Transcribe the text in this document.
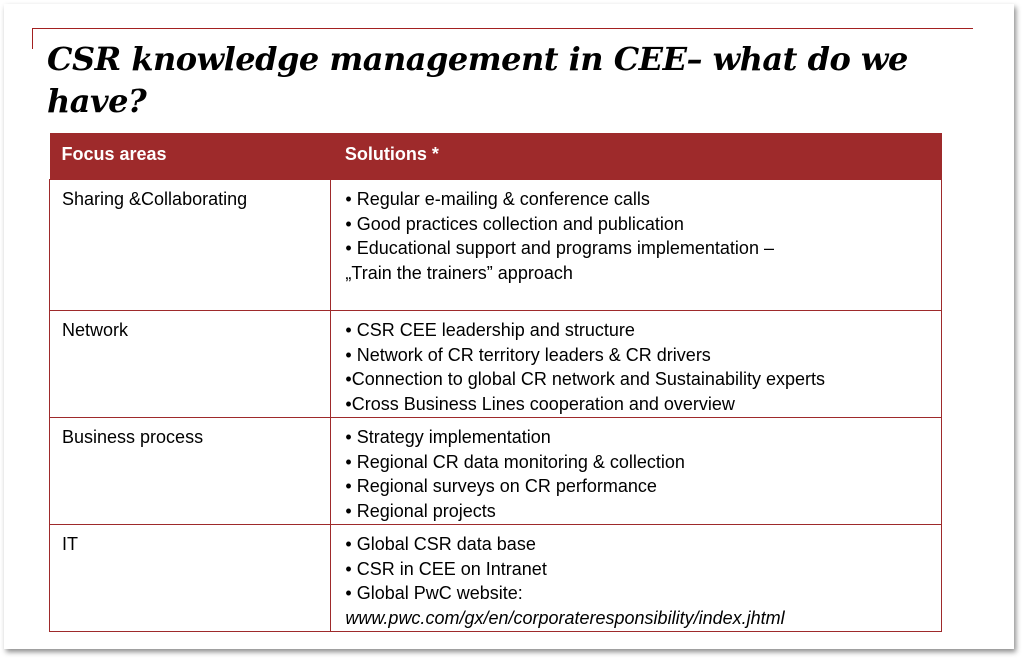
CSR knowledge management in CEE– what do we have?
Focus areas	Solutions *
Sharing &Collaborating	• Regular e-mailing & conference calls
• Good practices collection and publication
• Educational support and programs implementation –
„Train the trainers” approach

Network	• CSR CEE leadership and structure
• Network of CR territory leaders & CR drivers
•Connection to global CR network and Sustainability experts
•Cross Business Lines cooperation and overview

Business process	• Strategy implementation
• Regional CR data monitoring & collection
• Regional surveys on CR performance
• Regional projects

IT	• Global CSR data base
• CSR in CEE on Intranet
• Global PwC website:
www.pwc.com/gx/en/corporateresponsibility/index.jhtml
